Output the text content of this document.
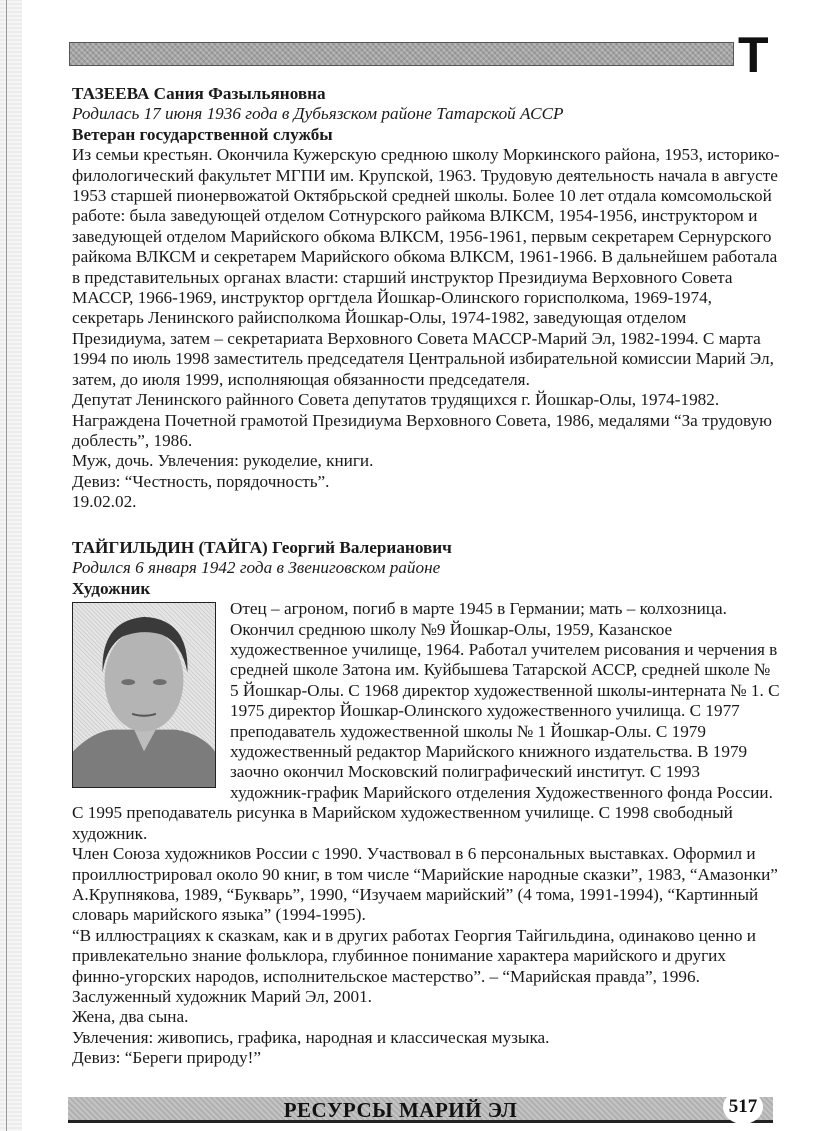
Т

ТАЗЕЕВА Сания Фазыльяновна

Родилась 17 июня 1936 года в Дубьязском районе Татарской АССР

Ветеран государственной службы

Из семьи крестьян. Окончила Кужерскую среднюю школу Моркинского района, 1953, историко-филологический факультет МГПИ им. Крупской, 1963. Трудовую деятельность начала в августе 1953 старшей пионервожатой Октябрьской средней школы. Более 10 лет отдала комсомольской работе: была заведующей отделом Сотнурского райкома ВЛКСМ, 1954-1956, инструктором и заведующей отделом Марийского обкома ВЛКСМ, 1956-1961, первым секретарем Сернурского райкома ВЛКСМ и секретарем Марийского обкома ВЛКСМ, 1961-1966. В дальнейшем работала в представительных органах власти: старший инструктор Президиума Верховного Совета МАССР, 1966-1969, инструктор оргтдела Йошкар-Олинского горисполкома, 1969-1974, секретарь Ленинского райисполкома Йошкар-Олы, 1974-1982, заведующая отделом Президиума, затем – секретариата Верховного Совета МАССР-Марий Эл, 1982-1994. С марта 1994 по июль 1998 заместитель председателя Центральной избирательной комиссии Марий Эл, затем, до июля 1999, исполняющая обязанности председателя.

Депутат Ленинского райнного Совета депутатов трудящихся г. Йошкар-Олы, 1974-1982.

Награждена Почетной грамотой Президиума Верховного Совета, 1986, медалями “За трудовую доблесть”, 1986.

Муж, дочь. Увлечения: рукоделие, книги.

Девиз: “Честность, порядочность”.

19.02.02.

ТАЙГИЛЬДИН (ТАЙГА) Георгий Валерианович

Родился 6 января 1942 года в Звениговском районе

Художник

Отец – агроном, погиб в марте 1945 в Германии; мать – колхозница. Окончил среднюю школу №9 Йошкар-Олы, 1959, Казанское художественное училище, 1964. Работал учителем рисования и черчения в средней школе Затона им. Куйбышева Татарской АССР, средней школе № 5 Йошкар-Олы. С 1968 директор художественной школы-интерната № 1. С 1975 директор Йошкар-Олинского художественного училища. С 1977 преподаватель художественной школы № 1 Йошкар-Олы. С 1979 художественный редактор Марийского книжного издательства. В 1979 заочно окончил Московский полиграфический институт. С 1993 художник-график Марийского отделения Художественного фонда России. С 1995 преподаватель рисунка в Марийском художественном училище. С 1998 свободный художник.

Член Союза художников России с 1990. Участвовал в 6 персональных выставках. Оформил и проиллюстрировал около 90 книг, в том числе “Марийские народные сказки”, 1983, “Амазонки” А.Крупнякова, 1989, “Букварь”, 1990, “Изучаем марийский” (4 тома, 1991-1994), “Картинный словарь марийского языка” (1994-1995).

“В иллюстрациях к сказкам, как и в других работах Георгия Тайгильдина, одинаково ценно и привлекательно знание фольклора, глубинное понимание характера марийского и других финно-угорских народов, исполнительское мастерство”. – “Марийская правда”, 1996.

Заслуженный художник Марий Эл, 2001.

Жена, два сына.

Увлечения: живопись, графика, народная и классическая музыка.

Девиз: “Береги природу!”

РЕСУРСЫ МАРИЙ ЭЛ	517
